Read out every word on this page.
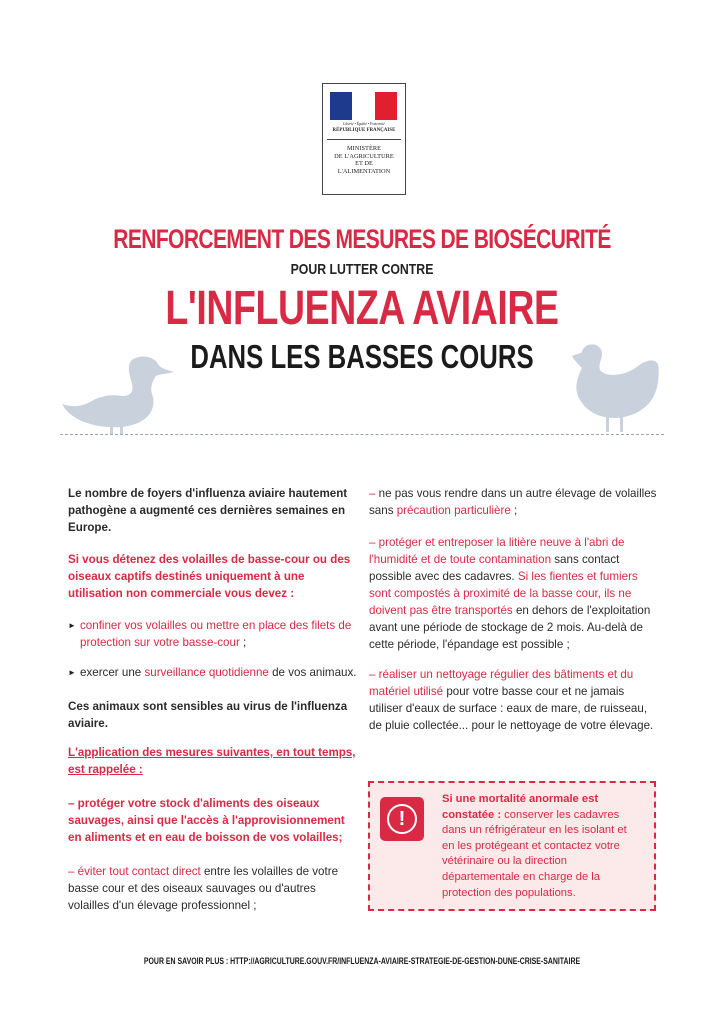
Liberté • Égalité • Fraternité
RÉPUBLIQUE FRANÇAISE
MINISTÈRE
DE L'AGRICULTURE
ET DE
L'ALIMENTATION
RENFORCEMENT DES MESURES DE BIOSÉCURITÉ
POUR LUTTER CONTRE
L'INFLUENZA AVIAIRE
DANS LES BASSES COURS
Le nombre de foyers d'influenza aviaire hautement pathogène a augmenté ces dernières semaines en Europe.
Si vous détenez des volailles de basse-cour ou des oiseaux captifs destinés uniquement à une utilisation non commerciale vous devez :
► confiner vos volailles ou mettre en place des filets de protection sur votre basse-cour ;
► exercer une surveillance quotidienne de vos animaux.
Ces animaux sont sensibles au virus de l'influenza aviaire.
L'application des mesures suivantes, en tout temps, est rappelée :
– protéger votre stock d'aliments des oiseaux sauvages, ainsi que l'accès à l'approvisionnement en aliments et en eau de boisson de vos volailles;
– éviter tout contact direct entre les volailles de votre basse cour et des oiseaux sauvages ou d'autres volailles d'un élevage professionnel ;
– ne pas vous rendre dans un autre élevage de volailles sans précaution particulière ;
– protéger et entreposer la litière neuve à l'abri de l'humidité et de toute contamination sans contact possible avec des cadavres. Si les fientes et fumiers sont compostés à proximité de la basse cour, ils ne doivent pas être transportés en dehors de l'exploitation avant une période de stockage de 2 mois. Au-delà de cette période, l'épandage est possible ;
– réaliser un nettoyage régulier des bâtiments et du matériel utilisé pour votre basse cour et ne jamais utiliser d'eaux de surface : eaux de mare, de ruisseau, de pluie collectée... pour le nettoyage de votre élevage.
!
Si une mortalité anormale est constatée : conserver les cadavres dans un réfrigérateur en les isolant et en les protégeant et contactez votre vétérinaire ou la direction départementale en charge de la protection des populations.
POUR EN SAVOIR PLUS : HTTP://AGRICULTURE.GOUV.FR/INFLUENZA-AVIAIRE-STRATEGIE-DE-GESTION-DUNE-CRISE-SANITAIRE
